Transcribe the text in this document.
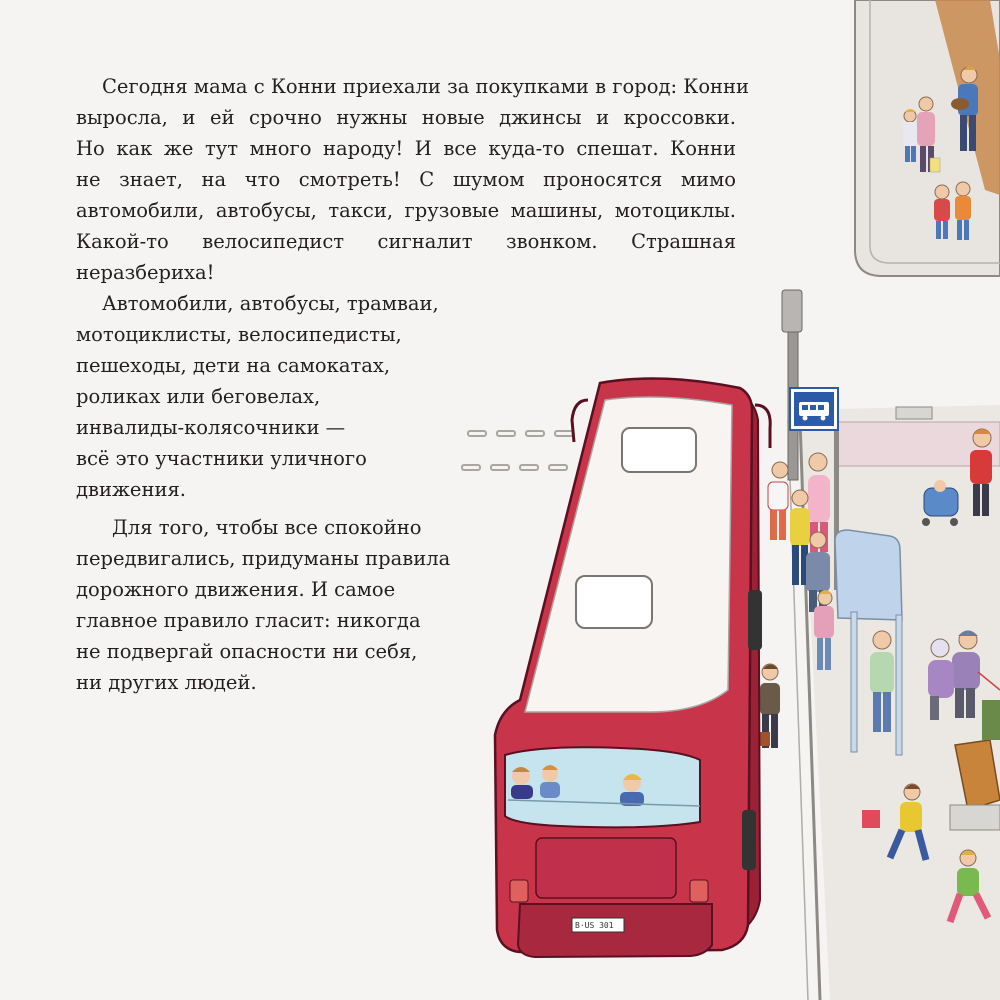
B·US 301
Сегодня мама с Конни приехали за покупками в город: Конни
выросла, и ей срочно нужны новые джинсы и кроссовки.
Но как же тут много народу! И все куда-то спешат. Конни
не знает, на что смотреть! С шумом проносятся мимо
автомобили, автобусы, такси, грузовые машины, мотоциклы.
Какой-то велосипедист сигналит звонком. Страшная
неразбериха!
Автомобили, автобусы, трамваи,
мотоциклисты, велосипедисты,
пешеходы, дети на самокатах,
роликах или беговелах,
инвалиды-колясочники —
всё это участники уличного
движения.
Для того, чтобы все спокойно
передвигались, придуманы правила
дорожного движения. И самое
главное правило гласит: никогда
не подвергай опасности ни себя,
ни других людей.
